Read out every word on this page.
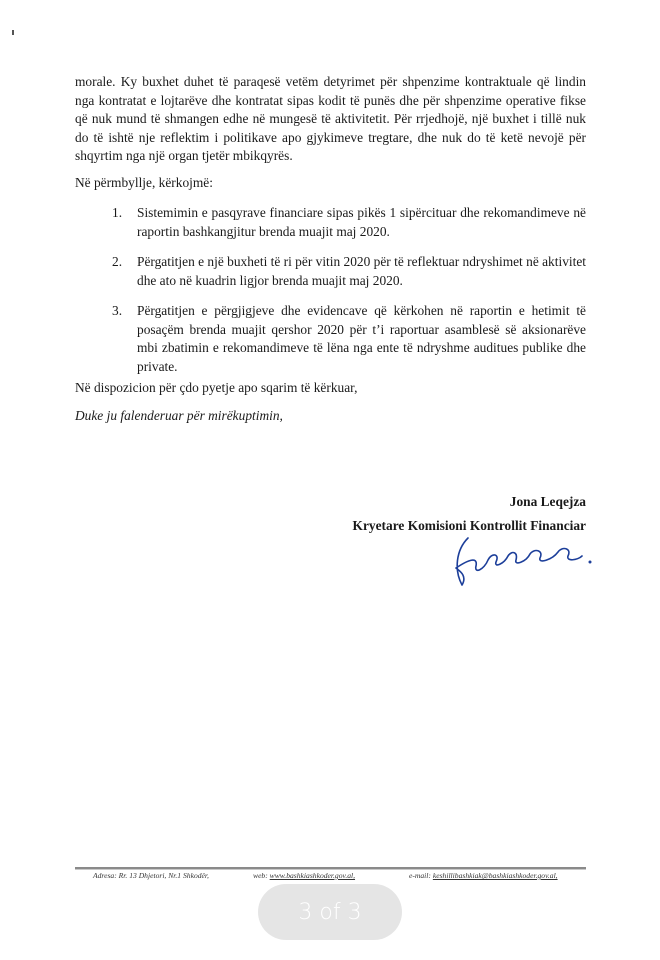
morale. Ky buxhet duhet të paraqesë vetëm detyrimet për shpenzime kontraktuale që lindin nga kontratat e lojtarëve dhe kontratat sipas kodit të punës dhe për shpenzime operative fikse që nuk mund të shmangen edhe në mungesë të aktivitetit. Për rrjedhojë, një buxhet i tillë nuk do të ishtë nje reflektim i politikave apo gjykimeve tregtare, dhe nuk do të ketë nevojë për shqyrtim nga një organ tjetër mbikqyrës.
Në përmbyllje, kërkojmë:
1. Sistemimin e pasqyrave financiare sipas pikës 1 sipërcituar dhe rekomandimeve në raportin bashkangjitur brenda muajit maj 2020.
2. Përgatitjen e një buxheti të ri për vitin 2020 për të reflektuar ndryshimet në aktivitet dhe ato në kuadrin ligjor brenda muajit maj 2020.
3. Përgatitjen e përgjigjeve dhe evidencave që kërkohen në raportin e hetimit të posaçëm brenda muajit qershor 2020 për t’i raportuar asamblesë së aksionarëve mbi zbatimin e rekomandimeve të lëna nga ente të ndryshme auditues publike dhe private.
Në dispozicion për çdo pyetje apo sqarim të kërkuar,
Duke ju falenderuar për mirëkuptimin,
Jona Leqejza
Kryetare Komisioni Kontrollit Financiar
Adresa: Rr. 13 Dhjetori, Nr.1 Shkodër,	web: www.bashkiashkoder.gov.al,	e-mail: keshillibashkiak@bashkiashkoder.gov.al,
3 of 3
